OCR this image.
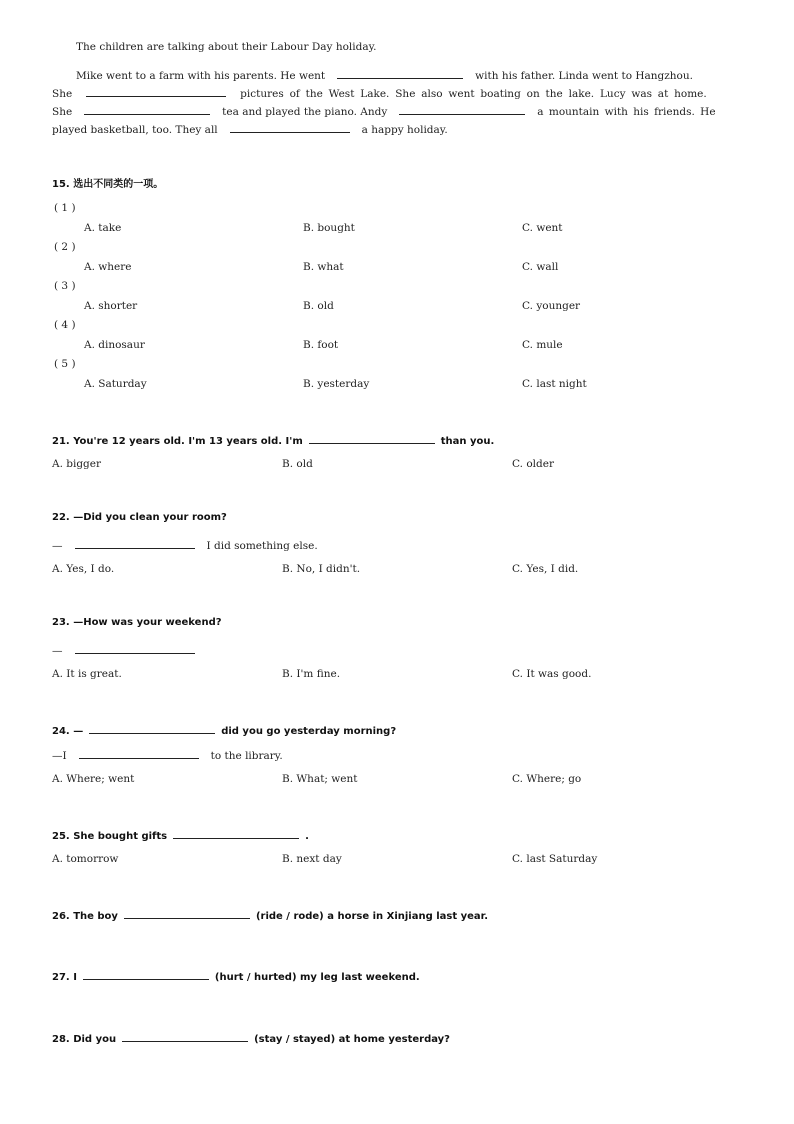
The children are talking about their Labour Day holiday.
Mike went to a farm with his parents. He went	with his father. Linda went to Hangzhou.
She	pictures of the West Lake. She also went boating on the lake. Lucy was at home.
She	tea and played the piano. Andy	a mountain with his friends. He
played basketball, too. They all	a happy holiday.
15. 选出不同类的一项。
( 1 )
A. take	B. bought	C. went
( 2 )
A. where	B. what	C. wall
( 3 )
A. shorter	B. old	C. younger
( 4 )
A. dinosaur	B. foot	C. mule
( 5 )
A. Saturday	B. yesterday	C. last night
21. You're 12 years old. I'm 13 years old. I'm	than you.
A. bigger	B. old	C. older
22. —Did you clean your room?
—	I did something else.
A. Yes, I do.	B. No, I didn't.	C. Yes, I did.
23. —How was your weekend?
—
A. It is great.	B. I'm fine.	C. It was good.
24. —	did you go yesterday morning?
—I	to the library.
A. Where; went	B. What; went	C. Where; go
25. She bought gifts	.
A. tomorrow	B. next day	C. last Saturday
26. The boy	(ride / rode) a horse in Xinjiang last year.
27. I	(hurt / hurted) my leg last weekend.
28. Did you	(stay / stayed) at home yesterday?
